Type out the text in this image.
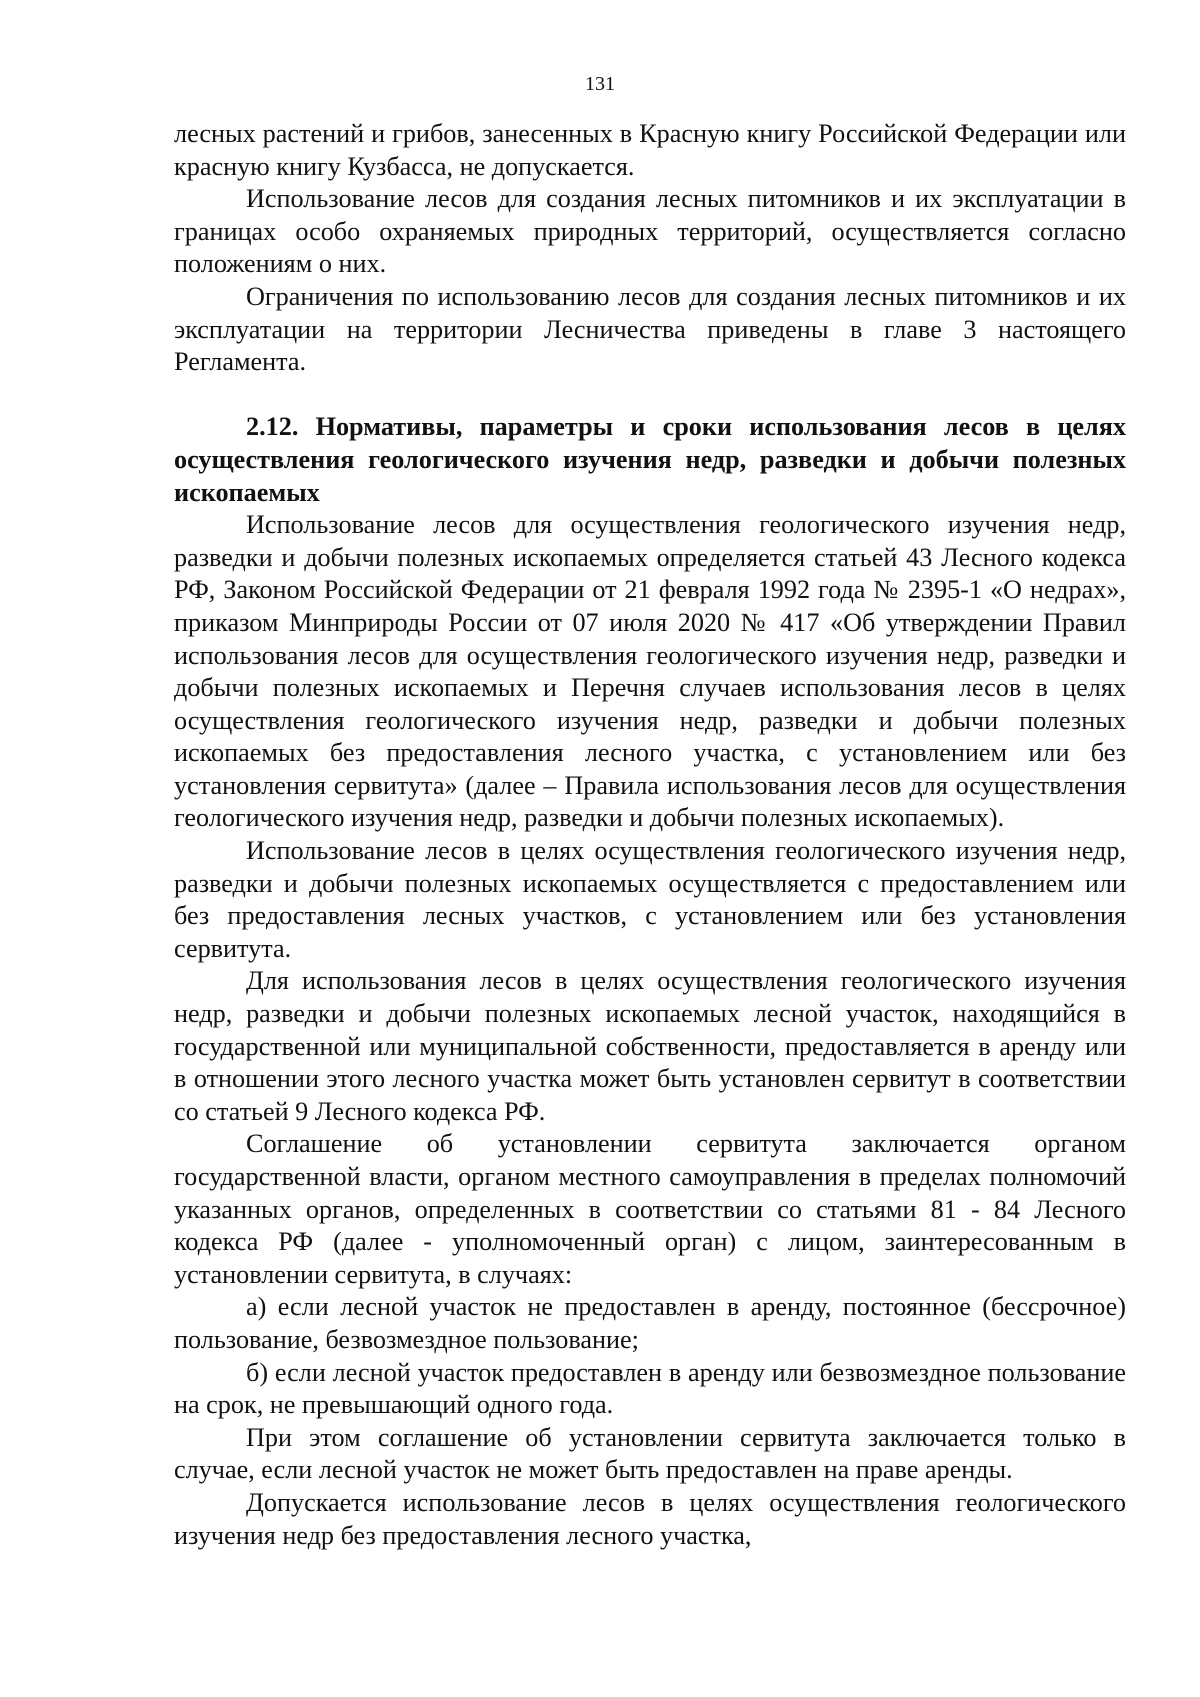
131

лесных растений и грибов, занесенных в Красную книгу Российской Федерации или красную книгу Кузбасса, не допускается.

Использование лесов для создания лесных питомников и их эксплуатации в границах особо охраняемых природных территорий, осуществляется согласно положениям о них.

Ограничения по использованию лесов для создания лесных питомников и их эксплуатации на территории Лесничества приведены в главе 3 настоящего Регламента.

2.12. Нормативы, параметры и сроки использования лесов в целях осуществления геологического изучения недр, разведки и добычи полезных ископаемых

Использование лесов для осуществления геологического изучения недр, разведки и добычи полезных ископаемых определяется статьей 43 Лесного кодекса РФ, Законом Российской Федерации от 21 февраля 1992 года № 2395-1 «О недрах», приказом Минприроды России от 07 июля 2020 № 417 «Об утверждении Правил использования лесов для осуществления геологического изучения недр, разведки и добычи полезных ископаемых и Перечня случаев использования лесов в целях осуществления геологического изучения недр, разведки и добычи полезных ископаемых без предоставления лесного участка, с установлением или без установления сервитута» (далее – Правила использования лесов для осуществления геологического изучения недр, разведки и добычи полезных ископаемых).

Использование лесов в целях осуществления геологического изучения недр, разведки и добычи полезных ископаемых осуществляется с предоставлением или без предоставления лесных участков, с установлением или без установления сервитута.

Для использования лесов в целях осуществления геологического изучения недр, разведки и добычи полезных ископаемых лесной участок, находящийся в государственной или муниципальной собственности, предоставляется в аренду или в отношении этого лесного участка может быть установлен сервитут в соответствии со статьей 9 Лесного кодекса РФ.

Соглашение об установлении сервитута заключается органом государственной власти, органом местного самоуправления в пределах полномочий указанных органов, определенных в соответствии со статьями 81 - 84 Лесного кодекса РФ (далее - уполномоченный орган) с лицом, заинтересованным в установлении сервитута, в случаях:

а) если лесной участок не предоставлен в аренду, постоянное (бессрочное) пользование, безвозмездное пользование;

б) если лесной участок предоставлен в аренду или безвозмездное пользование на срок, не превышающий одного года.

При этом соглашение об установлении сервитута заключается только в случае, если лесной участок не может быть предоставлен на праве аренды.

Допускается использование лесов в целях осуществления геологического изучения недр без предоставления лесного участка,
